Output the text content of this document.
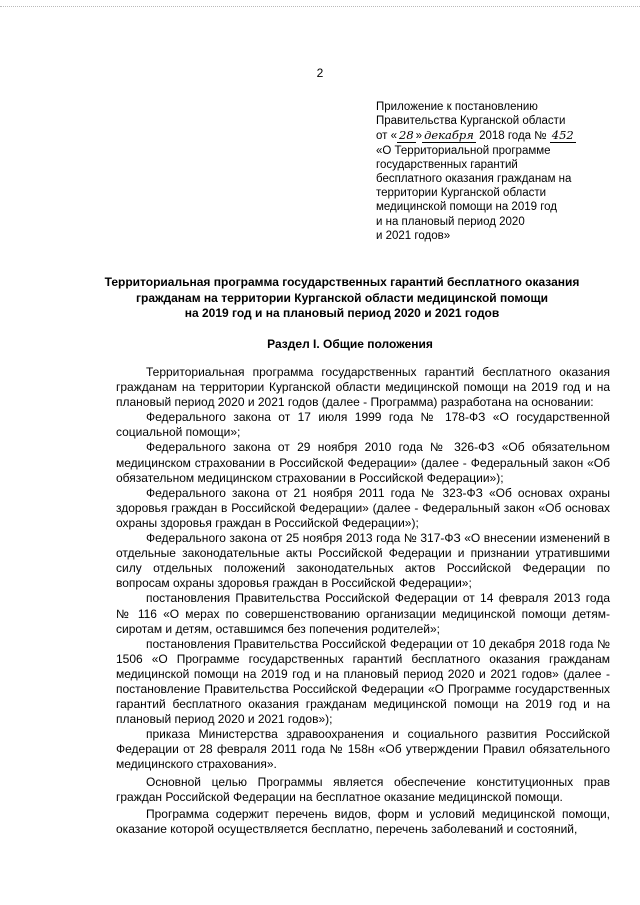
2
Приложение к постановлению
Правительства Курганской области
от « 28 » декабря 2018 года № 452
«О Территориальной программе
государственных гарантий
бесплатного оказания гражданам на
территории Курганской области
медицинской помощи на 2019 год
и на плановый период 2020
и 2021 годов»
Территориальная программа государственных гарантий бесплатного оказания
гражданам на территории Курганской области медицинской помощи
на 2019 год и на плановый период 2020 и 2021 годов
Раздел I. Общие положения

Территориальная программа государственных гарантий бесплатного оказания гражданам на территории Курганской области медицинской помощи на 2019 год и на плановый период 2020 и 2021 годов (далее - Программа) разработана на основании:

Федерального закона от 17 июля 1999 года № 178-ФЗ «О государственной социальной помощи»;

Федерального закона от 29 ноября 2010 года № 326-ФЗ «Об обязательном медицинском страховании в Российской Федерации» (далее - Федеральный закон «Об обязательном медицинском страховании в Российской Федерации»);

Федерального закона от 21 ноября 2011 года № 323-ФЗ «Об основах охраны здоровья граждан в Российской Федерации» (далее - Федеральный закон «Об основах охраны здоровья граждан в Российской Федерации»);

Федерального закона от 25 ноября 2013 года № 317-ФЗ «О внесении изменений в отдельные законодательные акты Российской Федерации и признании утратившими силу отдельных положений законодательных актов Российской Федерации по вопросам охраны здоровья граждан в Российской Федерации»;

постановления Правительства Российской Федерации от 14 февраля 2013 года № 116 «О мерах по совершенствованию организации медицинской помощи детям-сиротам и детям, оставшимся без попечения родителей»;

постановления Правительства Российской Федерации от 10 декабря 2018 года № 1506 «О Программе государственных гарантий бесплатного оказания гражданам медицинской помощи на 2019 год и на плановый период 2020 и 2021 годов» (далее - постановление Правительства Российской Федерации «О Программе государственных гарантий бесплатного оказания гражданам медицинской помощи на 2019 год и на плановый период 2020 и 2021 годов»);

приказа Министерства здравоохранения и социального развития Российской Федерации от 28 февраля 2011 года № 158н «Об утверждении Правил обязательного медицинского страхования».

Основной целью Программы является обеспечение конституционных прав граждан Российской Федерации на бесплатное оказание медицинской помощи.

Программа содержит перечень видов, форм и условий медицинской помощи, оказание которой осуществляется бесплатно, перечень заболеваний и состояний,
